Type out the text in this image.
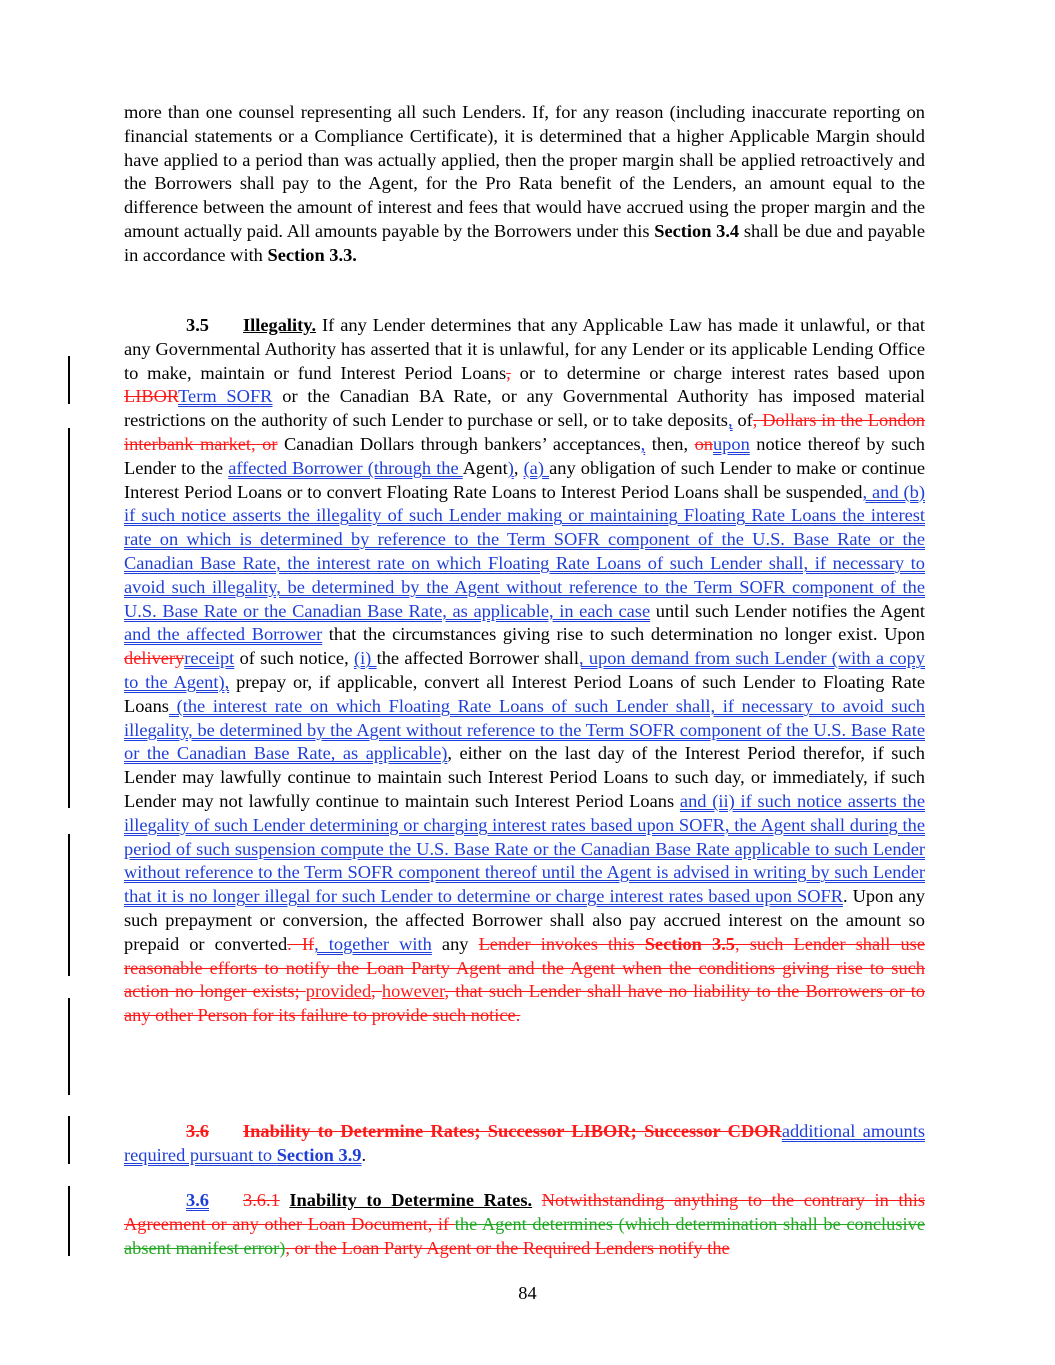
more than one counsel representing all such Lenders. If, for any reason (including inaccurate reporting on financial statements or a Compliance Certificate), it is determined that a higher Applicable Margin should have applied to a period than was actually applied, then the proper margin shall be applied retroactively and the Borrowers shall pay to the Agent, for the Pro Rata benefit of the Lenders, an amount equal to the difference between the amount of interest and fees that would have accrued using the proper margin and the amount actually paid. All amounts payable by the Borrowers under this Section 3.4 shall be due and payable in accordance with Section 3.3.

3.5 Illegality. If any Lender determines that any Applicable Law has made it unlawful, or that any Governmental Authority has asserted that it is unlawful, for any Lender or its applicable Lending Office to make, maintain or fund Interest Period Loans, or to determine or charge interest rates based upon LIBORTerm SOFR or the Canadian BA Rate, or any Governmental Authority has imposed material restrictions on the authority of such Lender to purchase or sell, or to take deposits, of, Dollars in the London interbank market, or Canadian Dollars through bankers’ acceptances, then, onupon notice thereof by such Lender to the affected Borrower (through the Agent), (a) any obligation of such Lender to make or continue Interest Period Loans or to convert Floating Rate Loans to Interest Period Loans shall be suspended, and (b) if such notice asserts the illegality of such Lender making or maintaining Floating Rate Loans the interest rate on which is determined by reference to the Term SOFR component of the U.S. Base Rate or the Canadian Base Rate, the interest rate on which Floating Rate Loans of such Lender shall, if necessary to avoid such illegality, be determined by the Agent without reference to the Term SOFR component of the U.S. Base Rate or the Canadian Base Rate, as applicable, in each case until such Lender notifies the Agent and the affected Borrower that the circumstances giving rise to such determination no longer exist. Upon deliveryreceipt of such notice, (i) the affected Borrower shall, upon demand from such Lender (with a copy to the Agent), prepay or, if applicable, convert all Interest Period Loans of such Lender to Floating Rate Loans (the interest rate on which Floating Rate Loans of such Lender shall, if necessary to avoid such illegality, be determined by the Agent without reference to the Term SOFR component of the U.S. Base Rate or the Canadian Base Rate, as applicable), either on the last day of the Interest Period therefor, if such Lender may lawfully continue to maintain such Interest Period Loans to such day, or immediately, if such Lender may not lawfully continue to maintain such Interest Period Loans and (ii) if such notice asserts the illegality of such Lender determining or charging interest rates based upon SOFR, the Agent shall during the period of such suspension compute the U.S. Base Rate or the Canadian Base Rate applicable to such Lender without reference to the Term SOFR component thereof until the Agent is advised in writing by such Lender that it is no longer illegal for such Lender to determine or charge interest rates based upon SOFR. Upon any such prepayment or conversion, the affected Borrower shall also pay accrued interest on the amount so prepaid or converted. If, together with any Lender invokes this Section 3.5, such Lender shall use reasonable efforts to notify the Loan Party Agent and the Agent when the conditions giving rise to such action no longer exists; provided, however, that such Lender shall have no liability to the Borrowers or to any other Person for its failure to provide such notice.

3.6 Inability to Determine Rates; Successor LIBOR; Successor CDORadditional amounts required pursuant to Section 3.9.

3.6 3.6.1 Inability to Determine Rates. Notwithstanding anything to the contrary in this Agreement or any other Loan Document, if the Agent determines (which determination shall be conclusive absent manifest error), or the Loan Party Agent or the Required Lenders notify the

84
